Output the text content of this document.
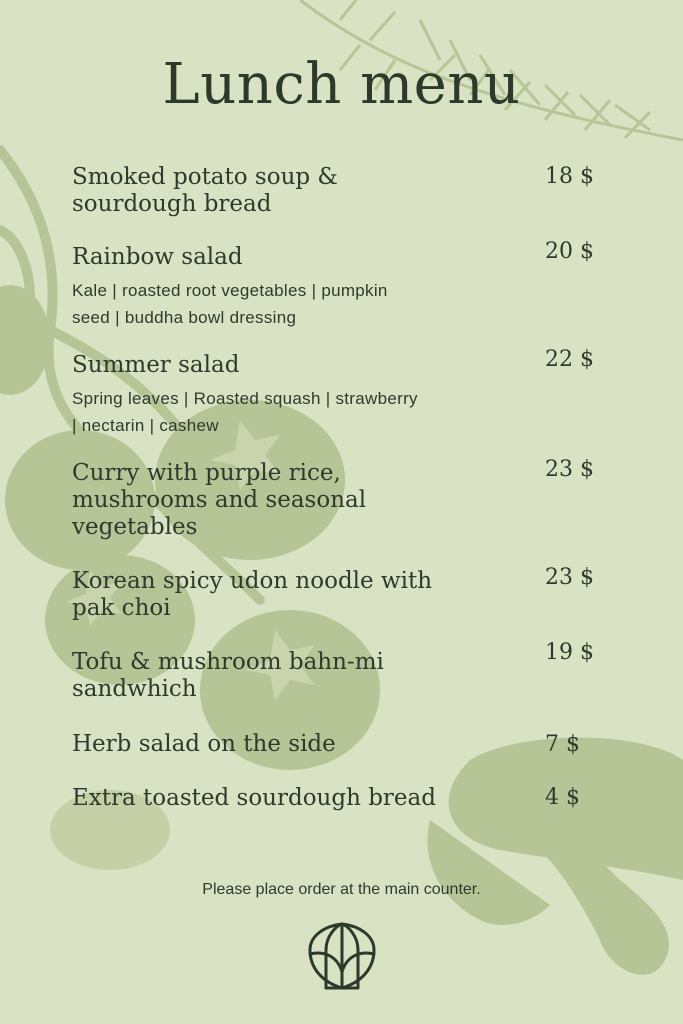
Lunch menu
Smoked potato soup &
sourdough bread
18 $
Rainbow salad
Kale | roasted root vegetables | pumpkin
seed | buddha bowl dressing
20 $
Summer salad
Spring leaves | Roasted squash | strawberry
| nectarin | cashew
22 $
Curry with purple rice,
mushrooms and seasonal
vegetables
23 $
Korean spicy udon noodle with
pak choi
23 $
Tofu & mushroom bahn-mi
sandwhich
19 $
Herb salad on the side	7 $
Extra toasted sourdough bread	4 $
Please place order at the main counter.
